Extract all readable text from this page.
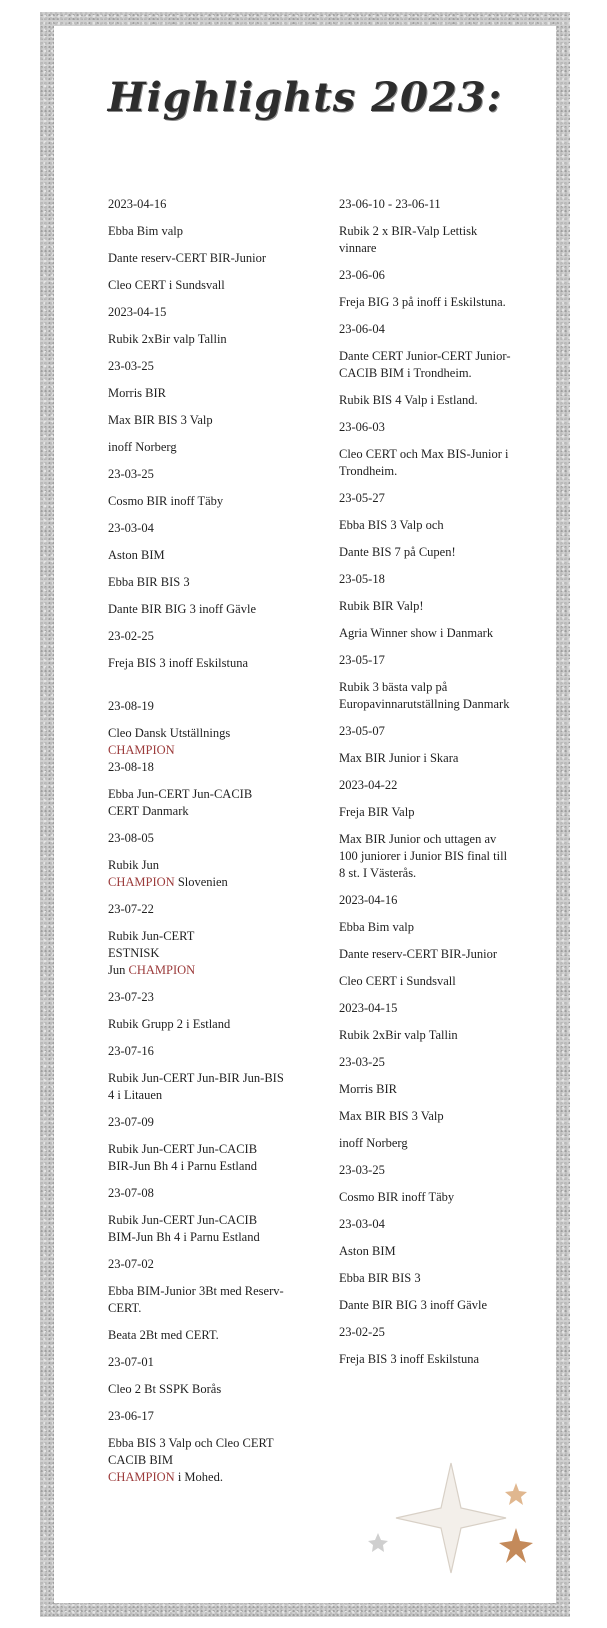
Highlights 2023:
2023-04-16
Ebba Bim valp
Dante reserv-CERT BIR-Junior
Cleo CERT i Sundsvall
2023-04-15
Rubik 2xBir valp Tallin
23-03-25
Morris BIR
Max BIR BIS 3 Valp
inoff Norberg
23-03-25
Cosmo BIR inoff Täby
23-03-04
Aston BIM
Ebba BIR BIS 3
Dante BIR BIG 3 inoff Gävle
23-02-25
Freja BIS 3 inoff Eskilstuna
23-08-19
Cleo Dansk Utställnings CHAMPION
23-08-18
Ebba Jun-CERT Jun-CACIB CERT Danmark
23-08-05
Rubik Jun
CHAMPION Slovenien
23-07-22
Rubik Jun-CERT
ESTNISK
Jun CHAMPION
23-07-23
Rubik Grupp 2 i Estland
23-07-16
Rubik Jun-CERT Jun-BIR Jun-BIS 4 i Litauen
23-07-09
Rubik Jun-CERT Jun-CACIB BIR-Jun Bh 4 i Parnu Estland
23-07-08
Rubik Jun-CERT Jun-CACIB BIM-Jun Bh 4 i Parnu Estland
23-07-02
Ebba BIM-Junior 3Bt med Reserv-CERT.
Beata 2Bt med CERT.
23-07-01
Cleo 2 Bt SSPK Borås
23-06-17
Ebba BIS 3 Valp och Cleo CERT CACIB BIM
CHAMPION i Mohed.
23-06-10 - 23-06-11
Rubik 2 x BIR-Valp Lettisk vinnare
23-06-06
Freja BIG 3 på inoff i Eskilstuna.
23-06-04
Dante CERT Junior-CERT Junior-CACIB BIM i Trondheim.
Rubik BIS 4 Valp i Estland.
23-06-03
Cleo CERT och Max BIS-Junior i Trondheim.
23-05-27
Ebba BIS 3 Valp och
Dante BIS 7 på Cupen!
23-05-18
Rubik BIR Valp!
Agria Winner show i Danmark
23-05-17
Rubik 3 bästa valp på Europavinnarutställning Danmark
23-05-07
Max BIR Junior i Skara
2023-04-22
Freja BIR Valp
Max BIR Junior och uttagen av 100 juniorer i Junior BIS final till 8 st. I Västerås.
2023-04-16
Ebba Bim valp
Dante reserv-CERT BIR-Junior
Cleo CERT i Sundsvall
2023-04-15
Rubik 2xBir valp Tallin
23-03-25
Morris BIR
Max BIR BIS 3 Valp
inoff Norberg
23-03-25
Cosmo BIR inoff Täby
23-03-04
Aston BIM
Ebba BIR BIS 3
Dante BIR BIG 3 inoff Gävle
23-02-25
Freja BIS 3 inoff Eskilstuna
